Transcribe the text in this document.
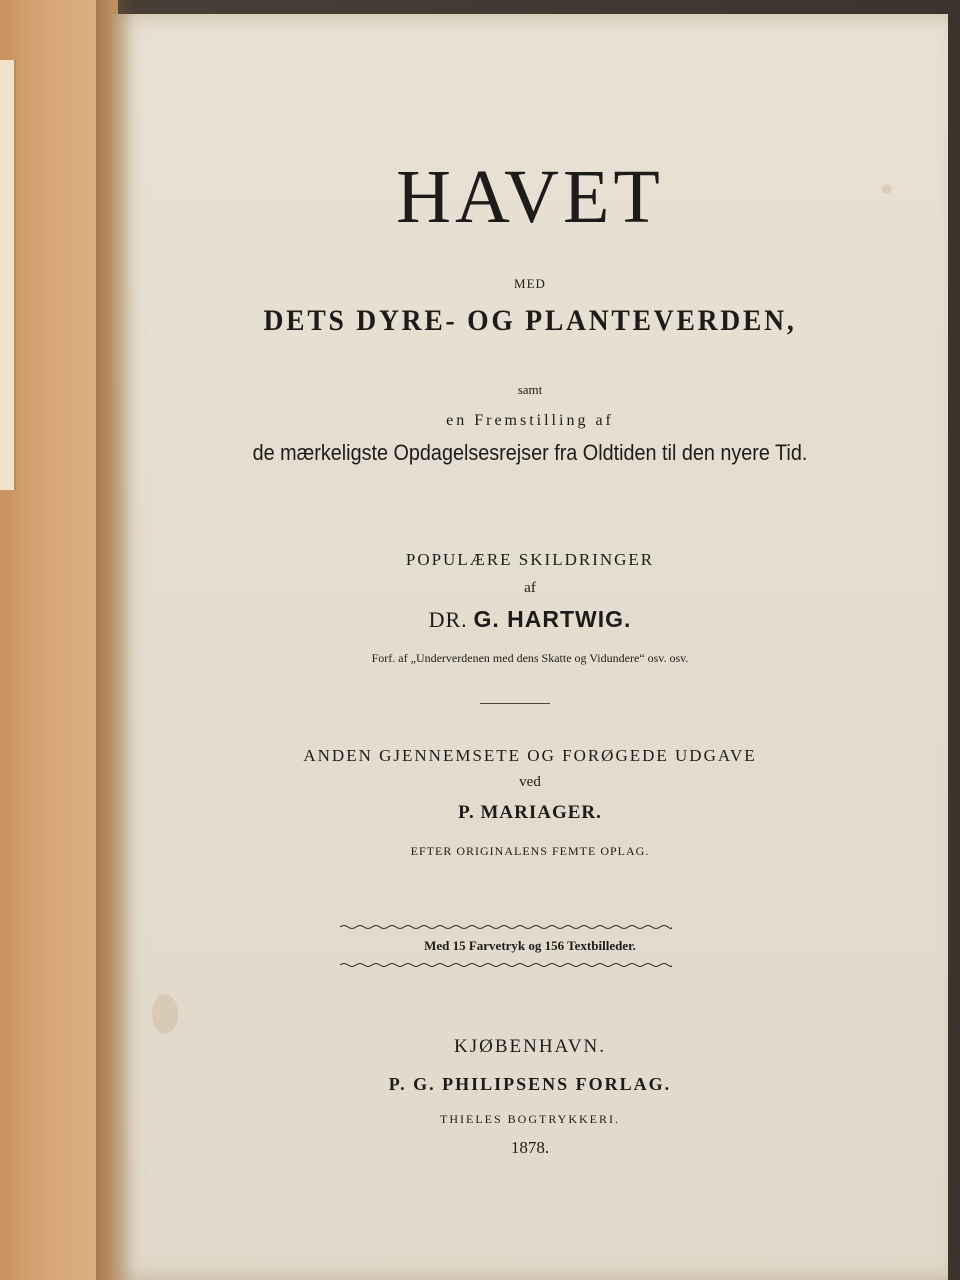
HAVET
MED
DETS DYRE- OG PLANTEVERDEN,
samt
en Fremstilling af
de mærkeligste Opdagelsesrejser fra Oldtiden til den nyere Tid.
POPULÆRE SKILDRINGER
af
DR. G. HARTWIG.
Forf. af „Underverdenen med dens Skatte og Vidundere“ osv. osv.
ANDEN GJENNEMSETE OG FORØGEDE UDGAVE
ved
P. MARIAGER.
EFTER ORIGINALENS FEMTE OPLAG.
Med 15 Farvetryk og 156 Textbilleder.
KJØBENHAVN.
P. G. PHILIPSENS FORLAG.
THIELES BOGTRYKKERI.
1878.
